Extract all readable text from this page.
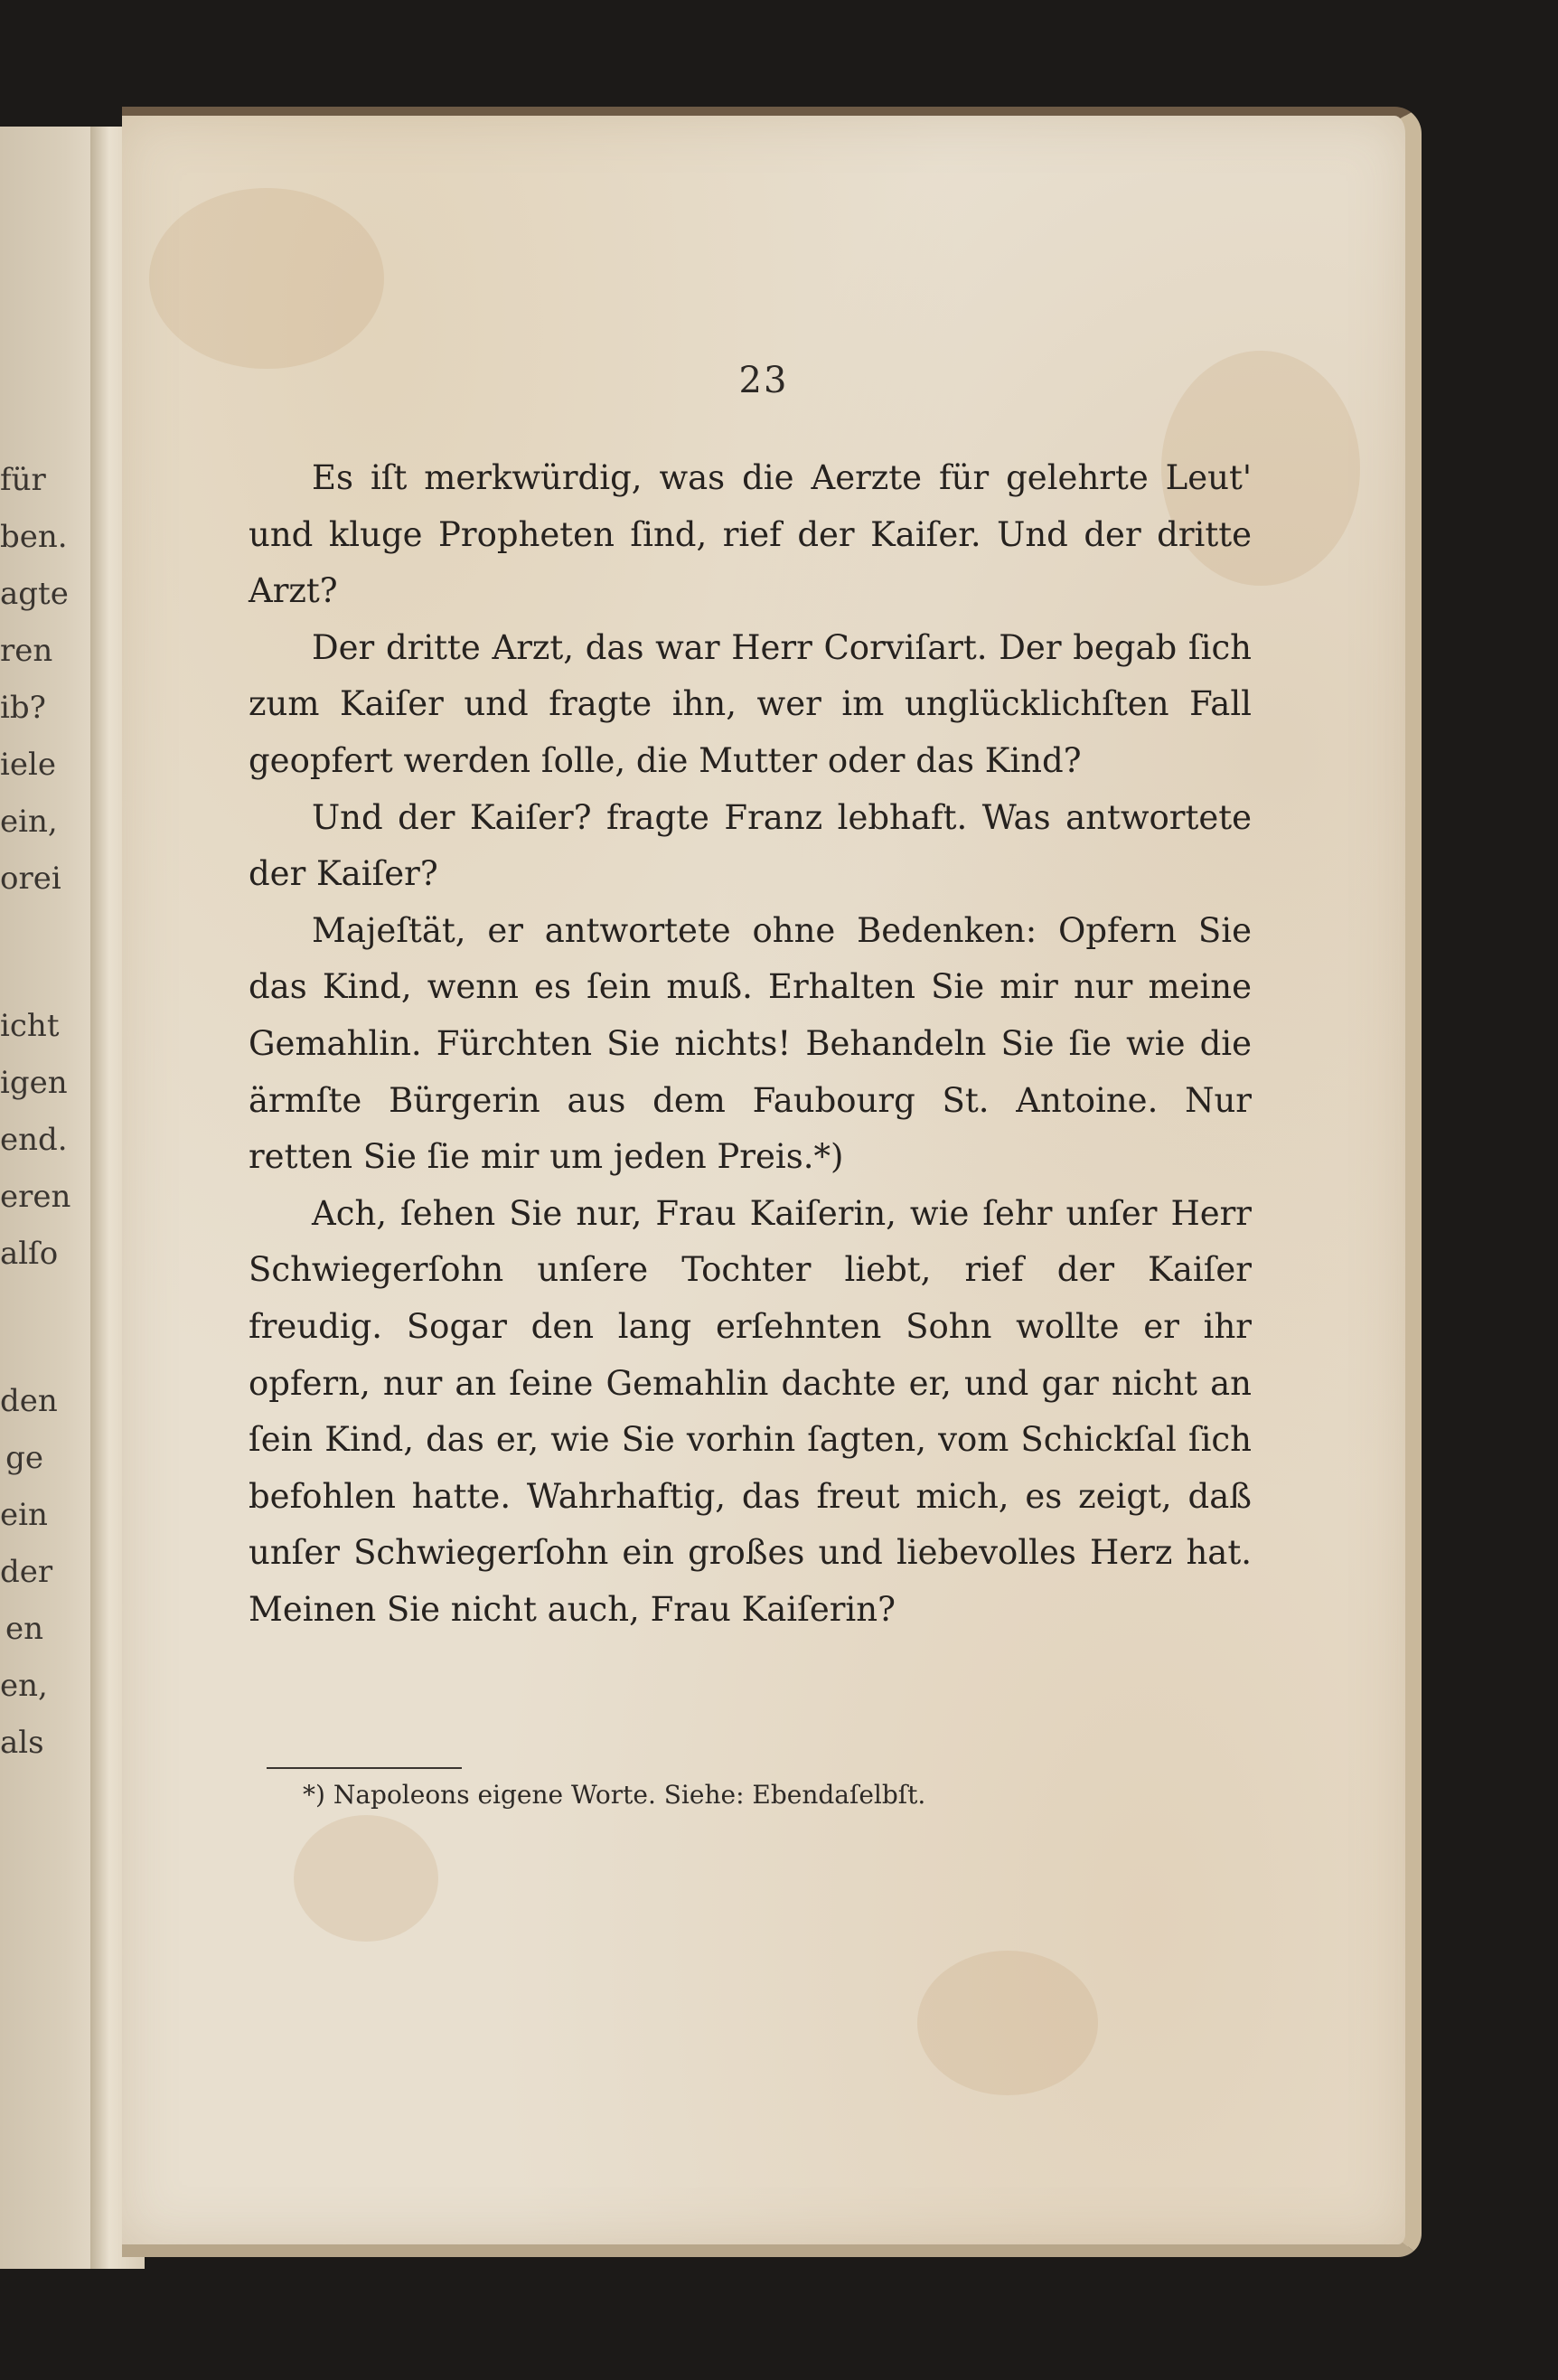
für
ben.
agte
ren
ib?
iele
ein,
orei
icht
igen
end.
eren
alſo
den
ge
ein
der
en
en,
als
23

Es iſt merkwürdig, was die Aerzte für gelehrte Leut' und kluge Propheten ſind, rief der Kaiſer. Und der dritte Arzt?

Der dritte Arzt, das war Herr Corviſart. Der begab ſich zum Kaiſer und fragte ihn, wer im unglücklichſten Fall geopfert werden ſolle, die Mutter oder das Kind?

Und der Kaiſer? fragte Franz lebhaft. Was antwortete der Kaiſer?

Majeſtät, er antwortete ohne Bedenken: Opfern Sie das Kind, wenn es ſein muß. Erhalten Sie mir nur meine Gemahlin. Fürchten Sie nichts! Behandeln Sie ſie wie die ärmſte Bürgerin aus dem Faubourg St. Antoine. Nur retten Sie ſie mir um jeden Preis.*)

Ach, ſehen Sie nur, Frau Kaiſerin, wie ſehr unſer Herr Schwiegerſohn unſere Tochter liebt, rief der Kaiſer freudig. Sogar den lang erſehnten Sohn wollte er ihr opfern, nur an ſeine Gemahlin dachte er, und gar nicht an ſein Kind, das er, wie Sie vorhin ſagten, vom Schickſal ſich befohlen hatte. Wahrhaftig, das freut mich, es zeigt, daß unſer Schwiegerſohn ein großes und liebevolles Herz hat. Meinen Sie nicht auch, Frau Kaiſerin?

*) Napoleons eigene Worte. Siehe: Ebendaſelbſt.
